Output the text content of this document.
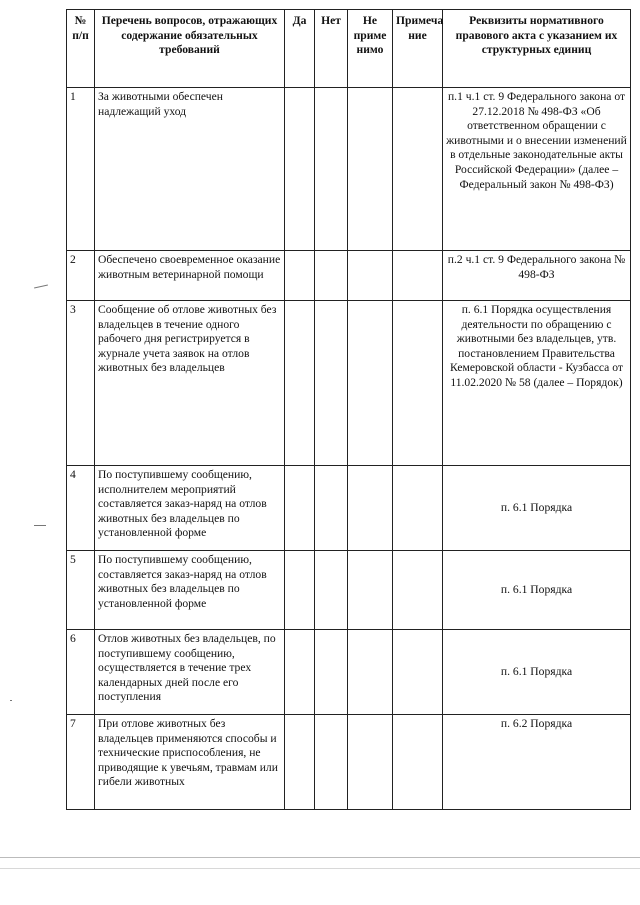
№ п/п	Перечень вопросов, отражающих содержание обязательных требований	Да	Нет	Не приме нимо	Примеча ние	Реквизиты нормативного правового акта с указанием их структурных единиц
1	За животными обеспечен надлежащий уход					п.1 ч.1 ст. 9 Федерального закона от 27.12.2018 № 498-ФЗ «Об ответственном обращении с животными и о внесении изменений в отдельные законодательные акты Российской Федерации» (далее – Федеральный закон № 498-ФЗ)
2	Обеспечено своевременное оказание животным ветеринарной помощи					п.2 ч.1 ст. 9 Федерального закона № 498-ФЗ
3	Сообщение об отлове животных без владельцев в течение одного рабочего дня регистрируется в журнале учета заявок на отлов животных без владельцев					п. 6.1 Порядка осуществления деятельности по обращению с животными без владельцев, утв. постановлением Правительства Кемеровской области - Кузбасса от 11.02.2020 № 58 (далее – Порядок)
4	По поступившему сообщению, исполнителем мероприятий составляется заказ-наряд на отлов животных без владельцев по установленной форме					п. 6.1 Порядка
5	По поступившему сообщению, составляется заказ-наряд на отлов животных без владельцев по установленной форме					п. 6.1 Порядка
6	Отлов животных без владельцев, по поступившему сообщению, осуществляется в течение трех календарных дней после его поступления					п. 6.1 Порядка
7	При отлове животных без владельцев применяются способы и технические приспособления, не приводящие к увечьям, травмам или гибели животных					п. 6.2 Порядка
